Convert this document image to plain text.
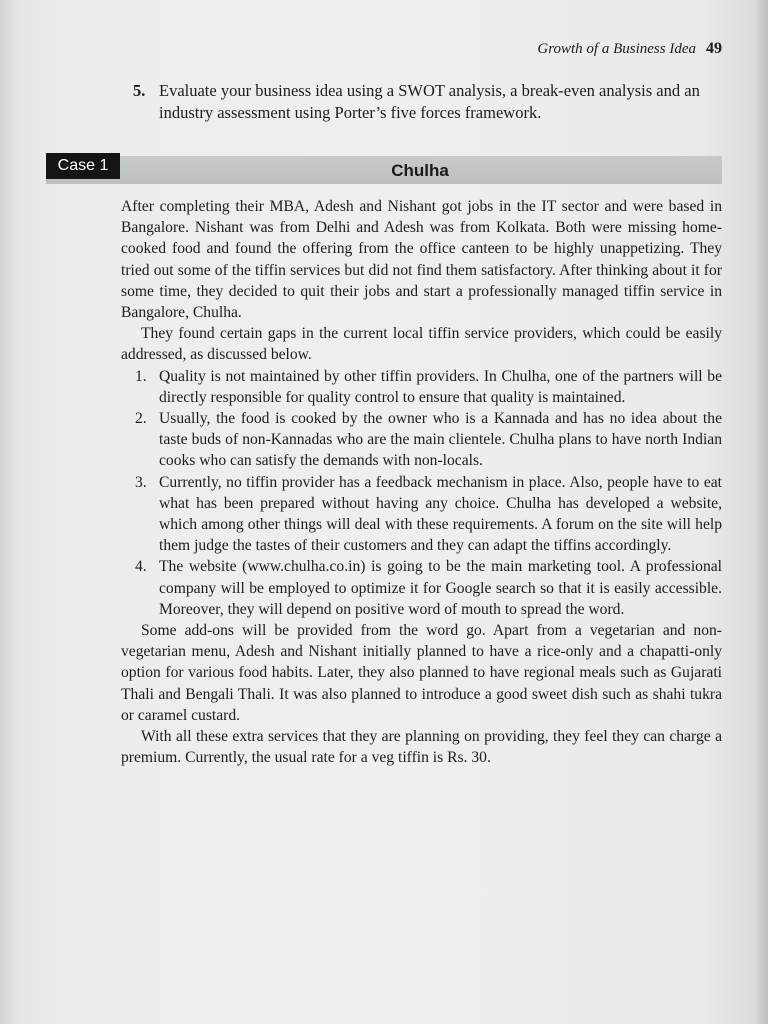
Growth of a Business Idea 49
5. Evaluate your business idea using a SWOT analysis, a break-even analysis and an industry assessment using Porter’s five forces framework.
Case 1	Chulha

After completing their MBA, Adesh and Nishant got jobs in the IT sector and were based in Bangalore. Nishant was from Delhi and Adesh was from Kolkata. Both were missing home-cooked food and found the offering from the office canteen to be highly unappetizing. They tried out some of the tiffin services but did not find them satisfactory. After thinking about it for some time, they decided to quit their jobs and start a professionally managed tiffin service in Bangalore, Chulha.

They found certain gaps in the current local tiffin service providers, which could be easily addressed, as discussed below.

1. Quality is not maintained by other tiffin providers. In Chulha, one of the partners will be directly responsible for quality control to ensure that quality is maintained.
2. Usually, the food is cooked by the owner who is a Kannada and has no idea about the taste buds of non-Kannadas who are the main clientele. Chulha plans to have north Indian cooks who can satisfy the demands with non-locals.
3. Currently, no tiffin provider has a feedback mechanism in place. Also, people have to eat what has been prepared without having any choice. Chulha has developed a website, which among other things will deal with these requirements. A forum on the site will help them judge the tastes of their customers and they can adapt the tiffins accordingly.
4. The website (www.chulha.co.in) is going to be the main marketing tool. A professional company will be employed to optimize it for Google search so that it is easily accessible. Moreover, they will depend on positive word of mouth to spread the word.

Some add-ons will be provided from the word go. Apart from a vegetarian and non-vegetarian menu, Adesh and Nishant initially planned to have a rice-only and a chapatti-only option for various food habits. Later, they also planned to have regional meals such as Gujarati Thali and Bengali Thali. It was also planned to introduce a good sweet dish such as shahi tukra or caramel custard.

With all these extra services that they are planning on providing, they feel they can charge a premium. Currently, the usual rate for a veg tiffin is Rs. 30.
